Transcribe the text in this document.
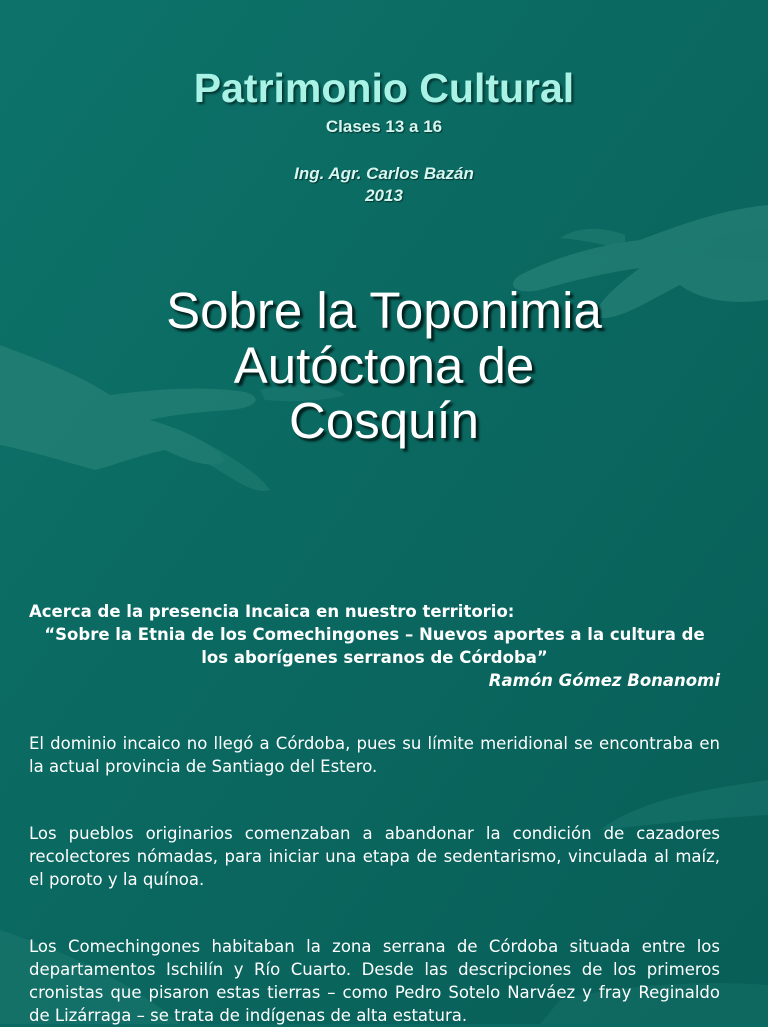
Patrimonio Cultural
Clases 13 a 16
Ing. Agr. Carlos Bazán
2013
Sobre la Toponimia
Autóctona de
Cosquín
Acerca de la presencia Incaica en nuestro territorio:
“Sobre la Etnia de los Comechingones – Nuevos aportes a la cultura de los aborígenes serranos de Córdoba”
Ramón Gómez Bonanomi
El dominio incaico no llegó a Córdoba, pues su límite meridional se encontraba en la actual provincia de Santiago del Estero.
Los pueblos originarios comenzaban a abandonar la condición de cazadores recolectores nómadas, para iniciar una etapa de sedentarismo, vinculada al maíz, el poroto y la quínoa.
Los Comechingones habitaban la zona serrana de Córdoba situada entre los departamentos Ischilín y Río Cuarto. Desde las descripciones de los primeros cronistas que pisaron estas tierras – como Pedro Sotelo Narváez y fray Reginaldo de Lizárraga – se trata de indígenas de alta estatura.
